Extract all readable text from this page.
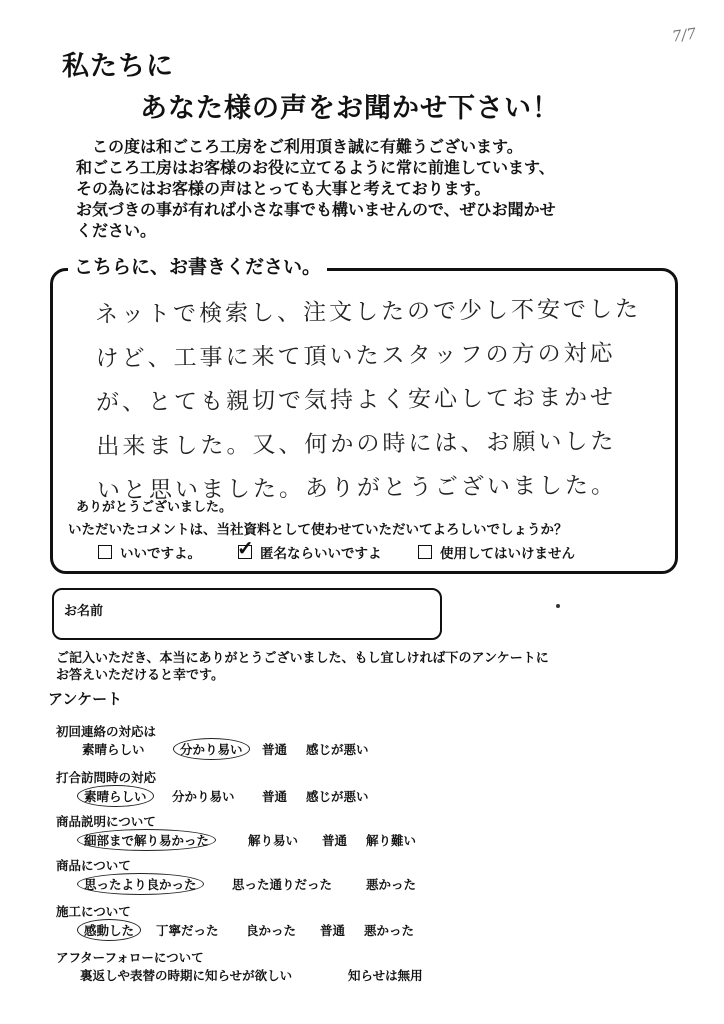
7/7
私たちに
あなた様の声をお聞かせ下さい！
この度は和ごころ工房をご利用頂き誠に有難うございます。
和ごころ工房はお客様のお役に立てるように常に前進しています、
その為にはお客様の声はとっても大事と考えております。
お気づきの事が有れば小さな事でも構いませんので、ぜひお聞かせ
ください。
こちらに、お書きください。
ネットで検索し、注文したので少し不安でした
けど、工事に来て頂いたスタッフの方の対応
が、とても親切で気持よく安心しておまかせ
出来ました。又、何かの時には、お願いした
いと思いました。ありがとうございました。
ありがとうございました。
いただいたコメントは、当社資料として使わせていただいてよろしいでしょうか？
いいですよ。 ✓ 匿名ならいいですよ	使用してはいけません
お名前
ご記入いただき、本当にありがとうございました、もし宜しければ下のアンケートに
お答えいただけると幸です。
アンケート
初回連絡の対応は
素晴らしい	分かり易い	普通 感じが悪い
打合訪問時の対応
素晴らしい	分かり易い 普通 感じが悪い
商品説明について
細部まで解り易かった	解り易い 普通 解り難い
商品について
思ったより良かった	思った通りだった	悪かった
施工について
感動した	丁寧だった 良かった 普通 悪かった
アフターフォローについて
裏返しや表替の時期に知らせが欲しい	知らせは無用
